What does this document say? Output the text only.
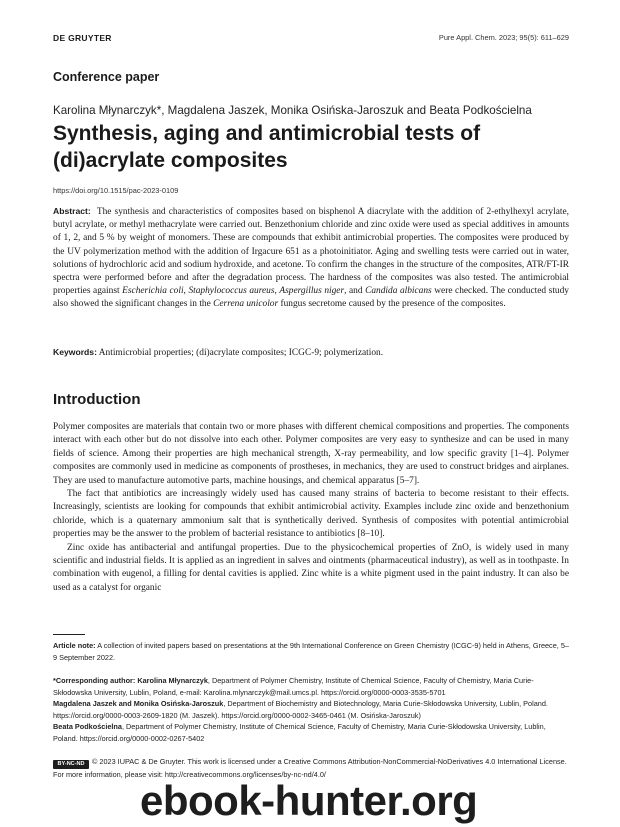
DE GRUYTER	Pure Appl. Chem. 2023; 95(5): 611–629
Conference paper
Karolina Młynarczyk*, Magdalena Jaszek, Monika Osińska-Jaroszuk and Beata Podkościelna
Synthesis, aging and antimicrobial tests of (di)acrylate composites
https://doi.org/10.1515/pac-2023-0109

Abstract: The synthesis and characteristics of composites based on bisphenol A diacrylate with the addition of 2-ethylhexyl acrylate, butyl acrylate, or methyl methacrylate were carried out. Benzethonium chloride and zinc oxide were used as special additives in amounts of 1, 2, and 5 % by weight of monomers. These are compounds that exhibit antimicrobial properties. The composites were produced by the UV polymerization method with the addition of Irgacure 651 as a photoinitiator. Aging and swelling tests were carried out in water, solutions of hydrochloric acid and sodium hydroxide, and acetone. To confirm the changes in the structure of the composites, ATR/FT-IR spectra were performed before and after the degradation process. The hardness of the composites was also tested. The antimicrobial properties against Escherichia coli, Staphylococcus aureus, Aspergillus niger, and Candida albicans were checked. The conducted study also showed the significant changes in the Cerrena unicolor fungus secretome caused by the presence of the composites.

Keywords: Antimicrobial properties; (di)acrylate composites; ICGC-9; polymerization.

Introduction

Polymer composites are materials that contain two or more phases with different chemical compositions and properties. The components interact with each other but do not dissolve into each other. Polymer composites are very easy to synthesize and can be used in many fields of science. Among their properties are high mechanical strength, X-ray permeability, and low specific gravity [1–4]. Polymer composites are commonly used in medicine as components of prostheses, in mechanics, they are used to construct bridges and airplanes. They are used to manufacture automotive parts, machine housings, and chemical apparatus [5–7].

The fact that antibiotics are increasingly widely used has caused many strains of bacteria to become resistant to their effects. Increasingly, scientists are looking for compounds that exhibit antimicrobial activity. Examples include zinc oxide and benzethonium chloride, which is a quaternary ammonium salt that is synthetically derived. Synthesis of composites with potential antimicrobial properties may be the answer to the problem of bacterial resistance to antibiotics [8–10].

Zinc oxide has antibacterial and antifungal properties. Due to the physicochemical properties of ZnO, is widely used in many scientific and industrial fields. It is applied as an ingredient in salves and ointments (pharmaceutical industry), as well as in toothpaste. In combination with eugenol, a filling for dental cavities is applied. Zinc white is a white pigment used in the paint industry. It can also be used as a catalyst for organic

Article note: A collection of invited papers based on presentations at the 9th International Conference on Green Chemistry (ICGC-9) held in Athens, Greece, 5–9 September 2022.

*Corresponding author: Karolina Młynarczyk, Department of Polymer Chemistry, Institute of Chemical Science, Faculty of Chemistry, Maria Curie-Skłodowska University, Lublin, Poland, e-mail: Karolina.mlynarczyk@mail.umcs.pl. https://orcid.org/0000-0003-3535-5701
Magdalena Jaszek and Monika Osińska-Jaroszuk, Department of Biochemistry and Biotechnology, Maria Curie-Skłodowska University, Lublin, Poland. https://orcid.org/0000-0003-2609-1820 (M. Jaszek). https://orcid.org/0000-0002-3465-0461 (M. Osińska-Jaroszuk)
Beata Podkościelna, Department of Polymer Chemistry, Institute of Chemical Science, Faculty of Chemistry, Maria Curie-Skłodowska University, Lublin, Poland. https://orcid.org/0000-0002-0267-5402

BY-NC-ND © 2023 IUPAC & De Gruyter. This work is licensed under a Creative Commons Attribution-NonCommercial-NoDerivatives 4.0 International License. For more information, please visit: http://creativecommons.org/licenses/by-nc-nd/4.0/

ebook-hunter.org
